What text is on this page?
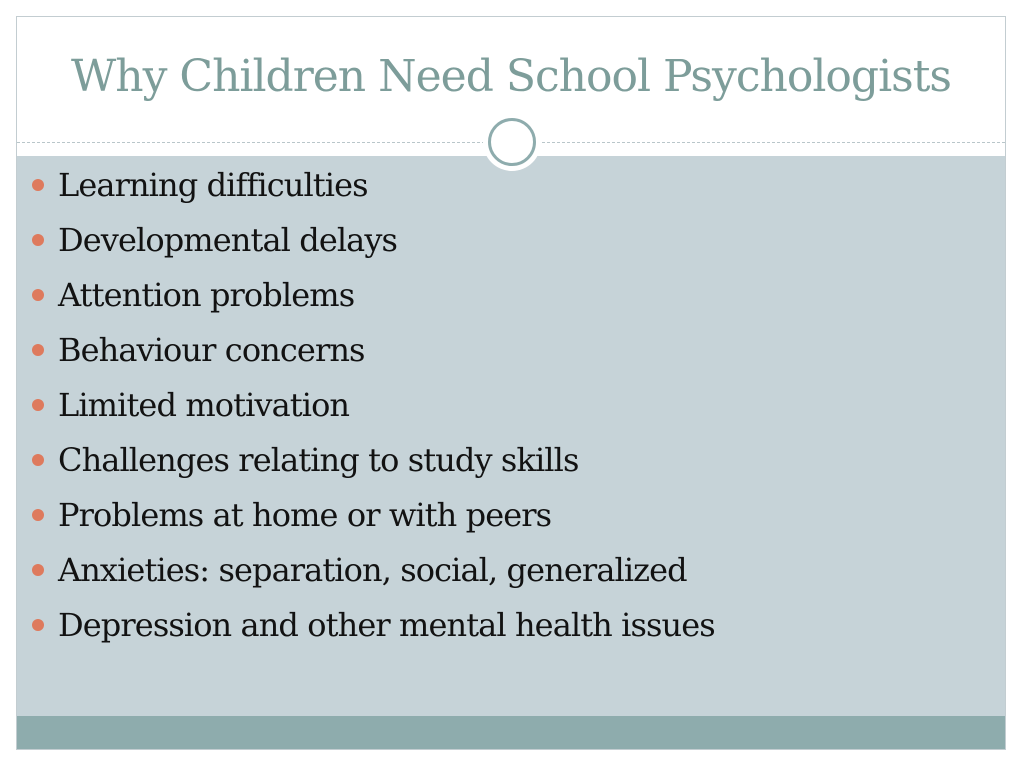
Why Children Need School Psychologists
Learning difficulties
Developmental delays
Attention problems
Behaviour concerns
Limited motivation
Challenges relating to study skills
Problems at home or with peers
Anxieties: separation, social, generalized
Depression and other mental health issues
